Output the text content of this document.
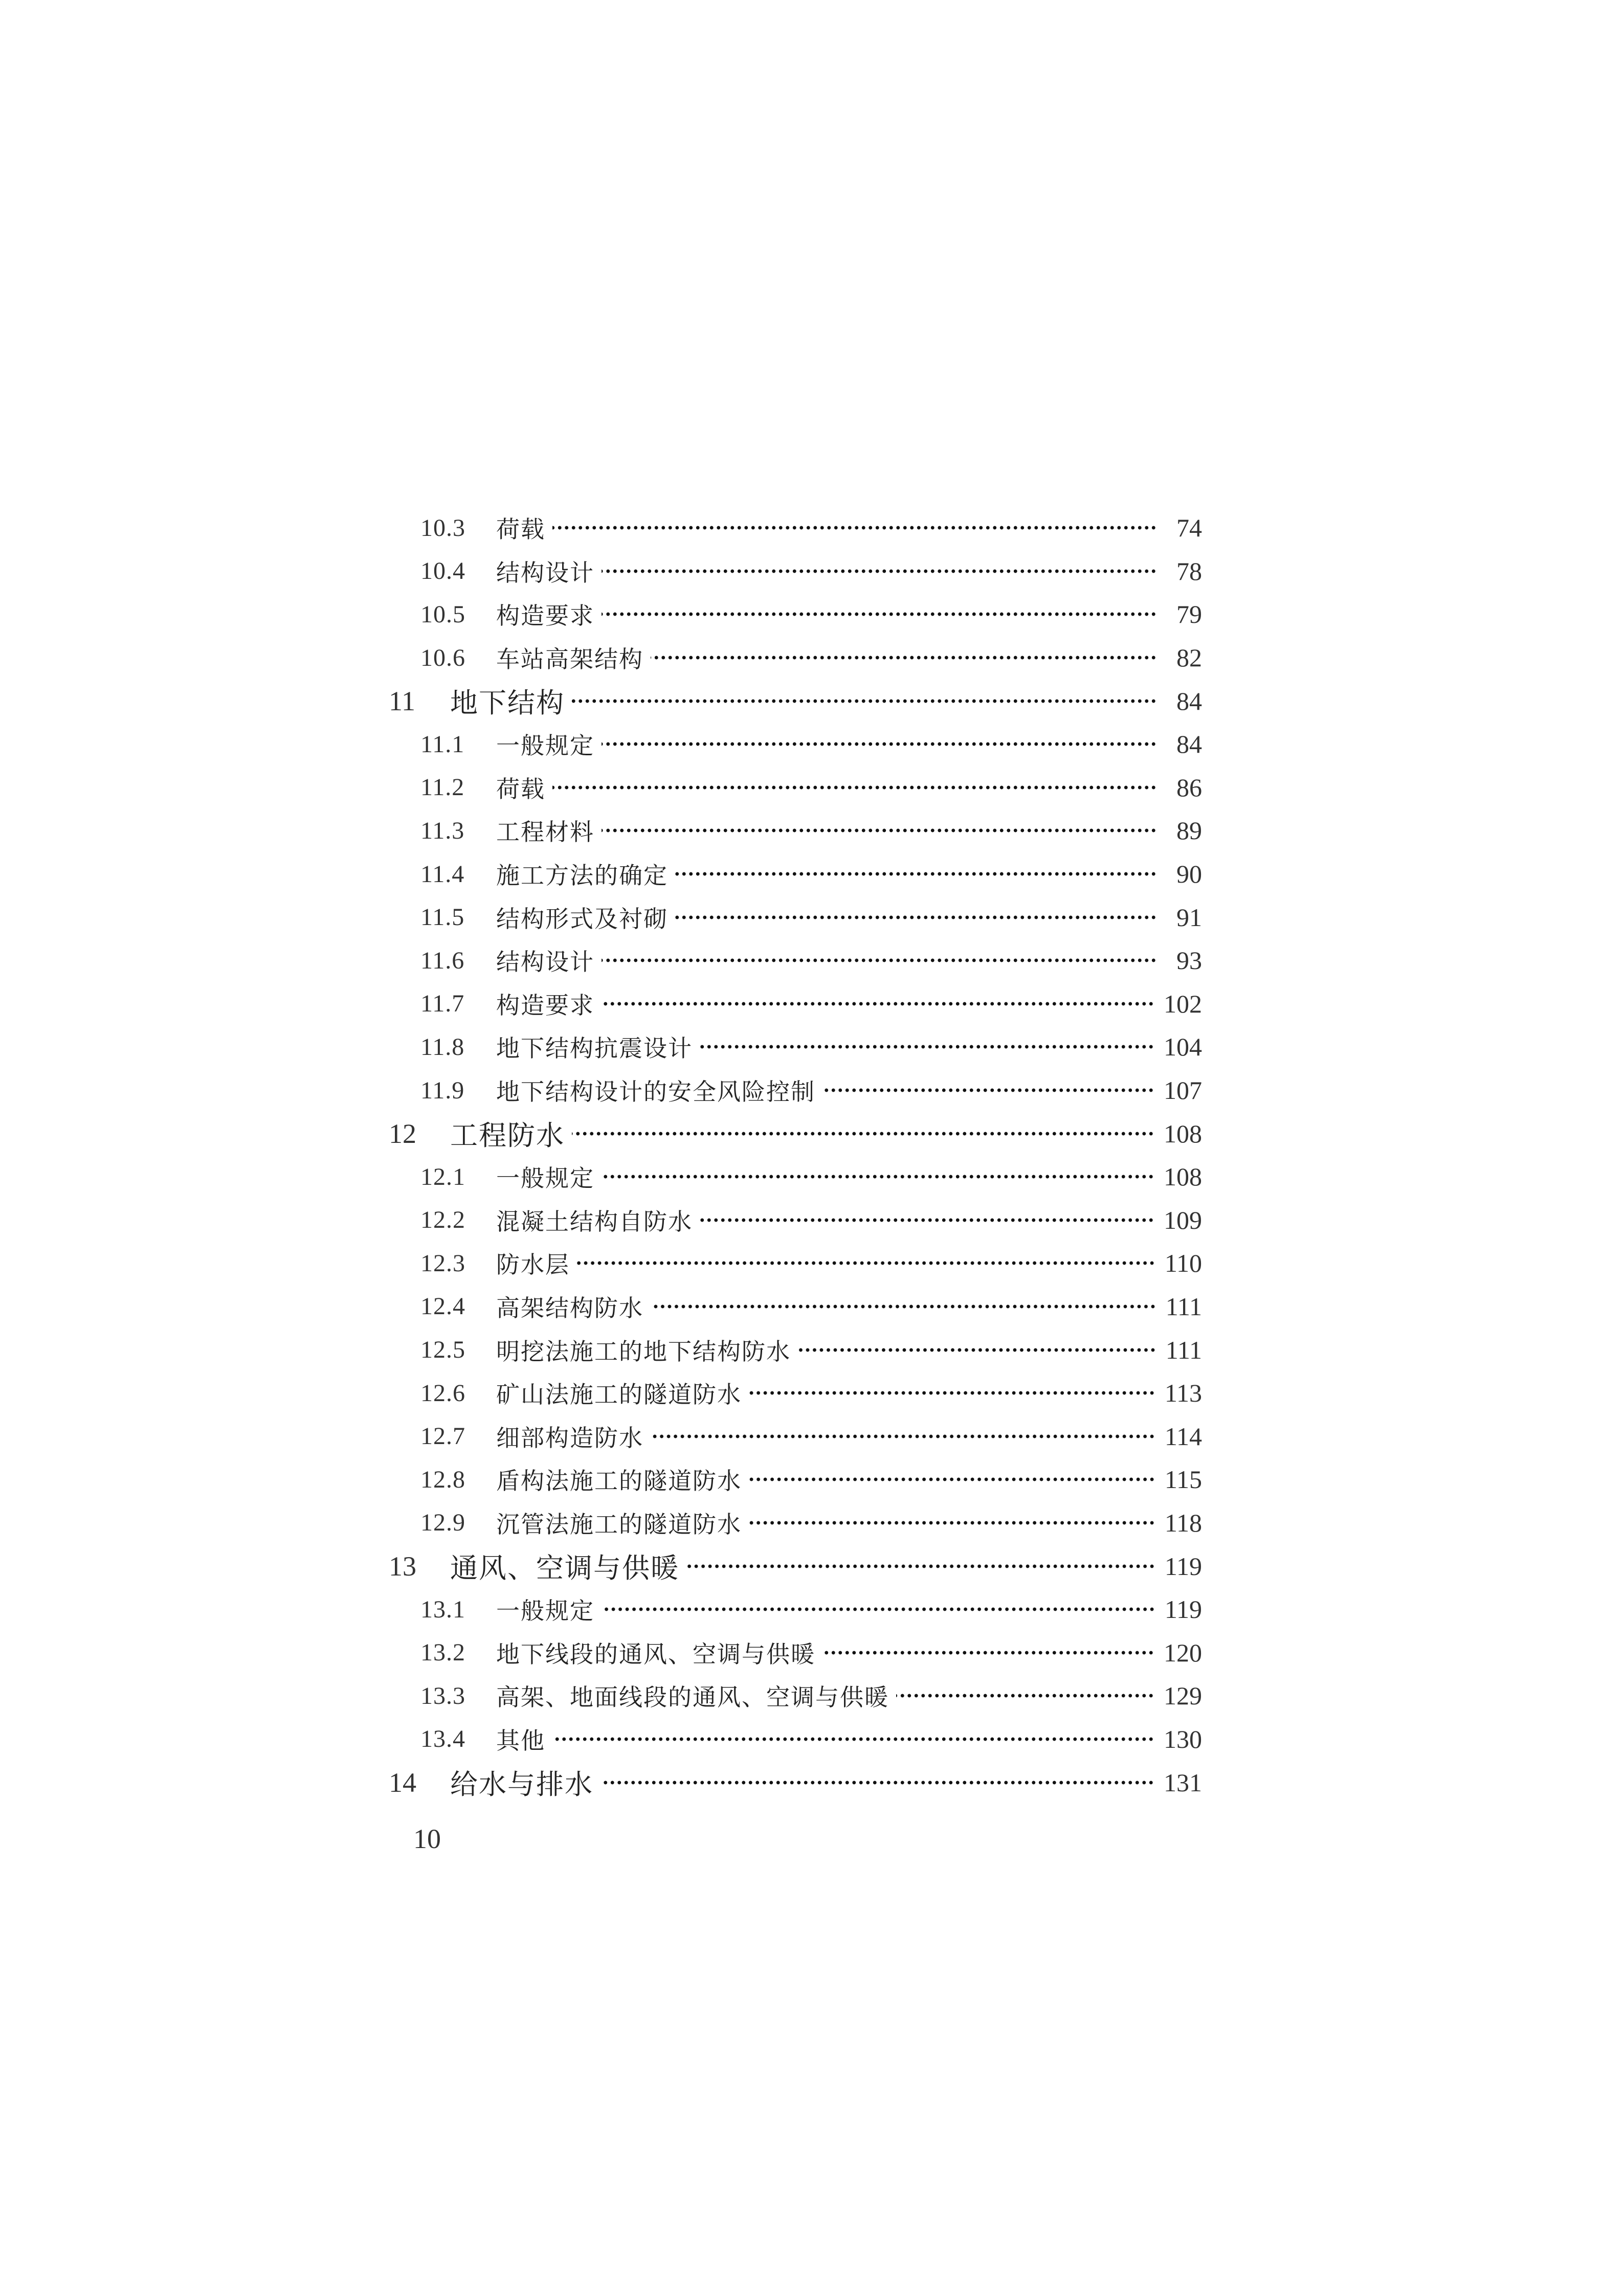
10.3	荷载	74
10.4	结构设计	78
10.5	构造要求	79
10.6	车站高架结构	82
11	地下结构	84
11.1	一般规定	84
11.2	荷载	86
11.3	工程材料	89
11.4	施工方法的确定	90
11.5	结构形式及衬砌	91
11.6	结构设计	93
11.7	构造要求	102
11.8	地下结构抗震设计	104
11.9	地下结构设计的安全风险控制	107
12	工程防水	108
12.1	一般规定	108
12.2	混凝土结构自防水	109
12.3	防水层	110
12.4	高架结构防水	111
12.5	明挖法施工的地下结构防水	111
12.6	矿山法施工的隧道防水	113
12.7	细部构造防水	114
12.8	盾构法施工的隧道防水	115
12.9	沉管法施工的隧道防水	118
13	通风、空调与供暖	119
13.1	一般规定	119
13.2	地下线段的通风、空调与供暖	120
13.3	高架、地面线段的通风、空调与供暖	129
13.4	其他	130
14	给水与排水	131
10
